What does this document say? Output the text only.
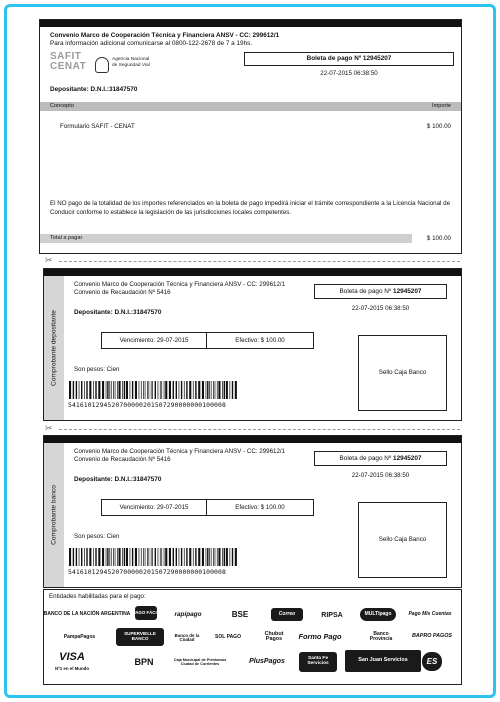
Convenio Marco de Cooperación Técnica y Financiera ANSV - CC: 299612/1
Para información adicional comunicarse al 0800-122-2678 de 7 a 19hs.
SAFIT
CENAT
Agencia Nacional de Seguridad Vial
Boleta de pago Nº 12945207
22-07-2015 06:38:50
Depositante: D.N.I.:31847570
Concepto	Importe
Formulario SAFIT - CENAT	$ 100.00
El NO pago de la totalidad de los importes referenciados en la boleta de pago impedirá iniciar el trámite correspondiente a la Licencia Nacional de Conducir conforme lo establece la legislación de las jurisdicciones locales competentes.
Total a pagar	$ 100.00
✂
Comprobante depositante
Convenio Marco de Cooperación Técnica y Financiera ANSV - CC: 299612/1
Convenio de Recaudación Nº 5416	Boleta de pago Nº 12945207
22-07-2015 06:38:50
Depositante: D.N.I.:31847570
Vencimiento: 29-07-2015	Efectivo: $ 100.00
Sello Caja Banco
Son pesos: Cien
5416101294520700000201507290000000100008
✂
Comprobante banco
Convenio Marco de Cooperación Técnica y Financiera ANSV - CC: 299612/1
Convenio de Recaudación Nº 5416	Boleta de pago Nº 12945207
22-07-2015 06:38:50
Depositante: D.N.I.:31847570
Vencimiento: 29-07-2015	Efectivo: $ 100.00
Sello Caja Banco
Son pesos: Cien
5416101294520700000201507290000000100008
Entidades habilitadas para el pago:
BANCO DE LA NACIÓN ARGENTINA PAGO FÁCIL	rapipago	BSE	Correo	RIPSA	MULTIpago	Pago Mis Cuentas
PampaPagos	SUPERVIELLE BANCO
Banco de la Ciudad	SOL PAGO	Chubut Pagos	Formo Pago	Banco Provincia
BAPRO PAGOS
VISA
Nº1 en el Mundo
BPN	Caja Municipal de Préstamos Ciudad de Corrientes	PlusPagos	Santa Fe Servicios
San Juan Servicios	ES
